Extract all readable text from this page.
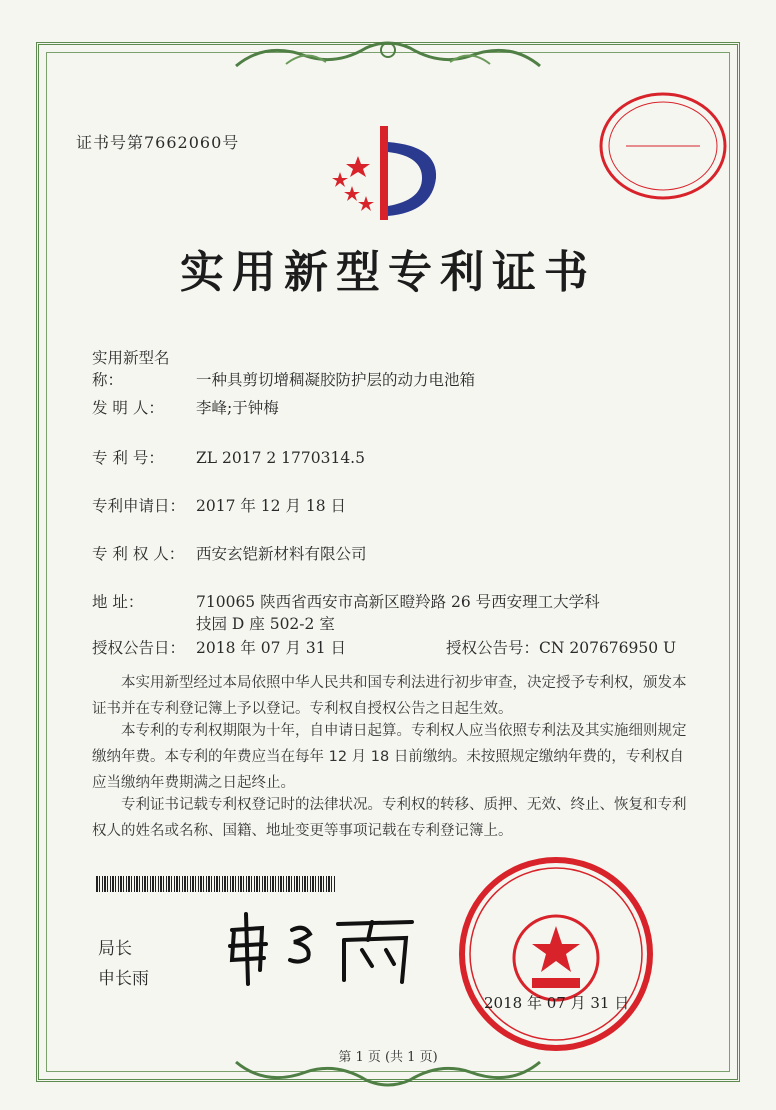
证书号第7662060号
实用新型专利证书
实用新型名称：	一种具剪切增稠凝胶防护层的动力电池箱
发 明 人： 李峰;于钟梅
专 利 号： ZL 2017 2 1770314.5
专利申请日： 2017 年 12 月 18 日
专 利 权 人： 西安玄铠新材料有限公司
地 址：	710065 陕西省西安市高新区瞪羚路 26 号西安理工大学科
技园 D 座 502-2 室
授权公告日： 2018 年 07 月 31 日	授权公告号：CN 207676950 U
本实用新型经过本局依照中华人民共和国专利法进行初步审查，决定授予专利权，颁发本证书并在专利登记簿上予以登记。专利权自授权公告之日起生效。
本专利的专利权期限为十年，自申请日起算。专利权人应当依照专利法及其实施细则规定缴纳年费。本专利的年费应当在每年 12 月 18 日前缴纳。未按照规定缴纳年费的，专利权自应当缴纳年费期满之日起终止。
专利证书记载专利权登记时的法律状况。专利权的转移、质押、无效、终止、恢复和专利权人的姓名或名称、国籍、地址变更等事项记载在专利登记簿上。
局长
申长雨
2018 年 07 月 31 日
第 1 页 (共 1 页)
